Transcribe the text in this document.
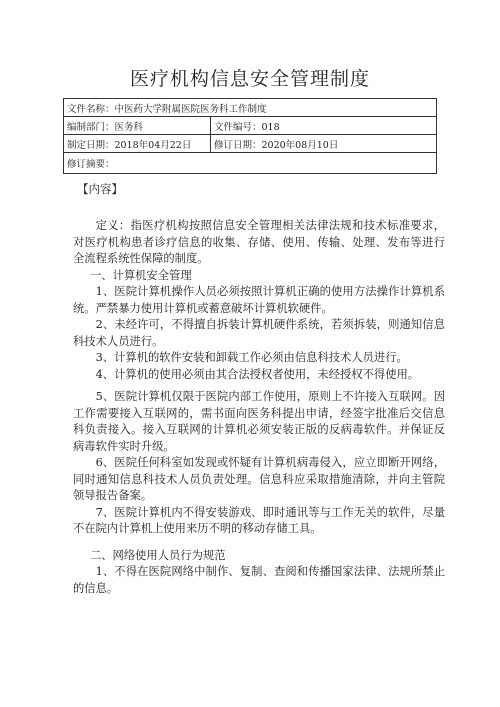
医疗机构信息安全管理制度
文件名称：中医药大学附属医院医务科工作制度	
编制部门：医务科	文件编号：018
制定日期：2018年04月22日	修订日期：2020年08月10日
修订摘要：	
【内容】

定义：指医疗机构按照信息安全管理相关法律法规和技术标准要求，对医疗机构患者诊疗信息的收集、存储、使用、传输、处理、发布等进行全流程系统性保障的制度。

一、计算机安全管理

1、医院计算机操作人员必须按照计算机正确的使用方法操作计算机系统。严禁暴力使用计算机或蓄意破坏计算机软硬件。

2、未经许可，不得擅自拆装计算机硬件系统，若须拆装，则通知信息科技术人员进行。

3、计算机的软件安装和卸载工作必须由信息科技术人员进行。

4、计算机的使用必须由其合法授权者使用，未经授权不得使用。

5、医院计算机仅限于医院内部工作使用，原则上不许接入互联网。因工作需要接入互联网的，需书面向医务科提出申请，经签字批准后交信息科负责接入。接入互联网的计算机必须安装正版的反病毒软件。并保证反病毒软件实时升级。

6、医院任何科室如发现或怀疑有计算机病毒侵入，应立即断开网络，同时通知信息科技术人员负责处理。信息科应采取措施清除，并向主管院领导报告备案。

7、医院计算机内不得安装游戏、即时通讯等与工作无关的软件，尽量不在院内计算机上使用来历不明的移动存储工具。

二、网络使用人员行为规范

1、不得在医院网络中制作、复制、查阅和传播国家法律、法规所禁止的信息。
